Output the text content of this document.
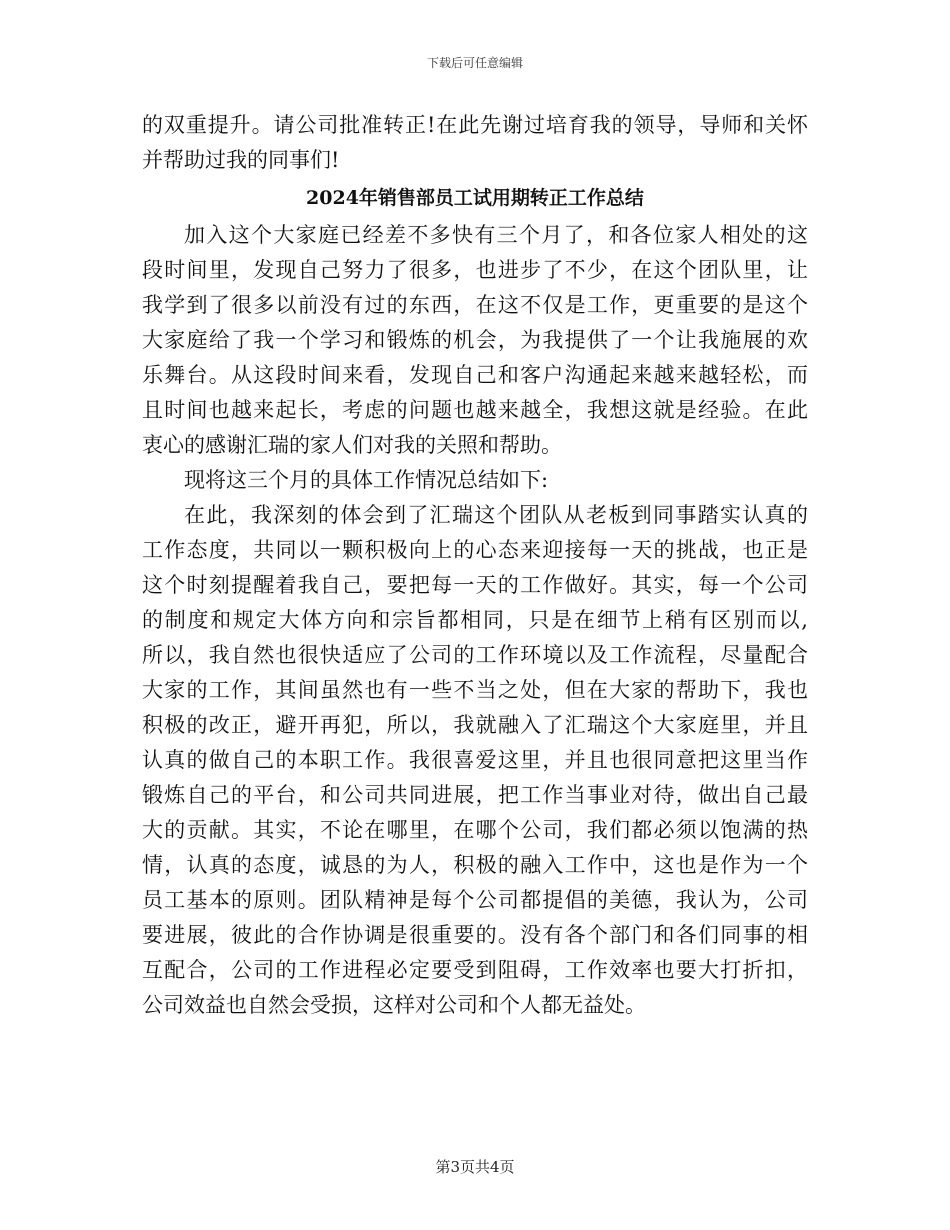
下载后可任意编辑
的双重提升。请公司批准转正!在此先谢过培育我的领导，导师和关怀
并帮助过我的同事们!
2024年销售部员工试用期转正工作总结
加入这个大家庭已经差不多快有三个月了，和各位家人相处的这
段时间里，发现自己努力了很多，也进步了不少，在这个团队里，让
我学到了很多以前没有过的东西，在这不仅是工作，更重要的是这个
大家庭给了我一个学习和锻炼的机会，为我提供了一个让我施展的欢
乐舞台。从这段时间来看，发现自己和客户沟通起来越来越轻松，而
且时间也越来起长，考虑的问题也越来越全，我想这就是经验。在此
衷心的感谢汇瑞的家人们对我的关照和帮助。
现将这三个月的具体工作情况总结如下:
在此，我深刻的体会到了汇瑞这个团队从老板到同事踏实认真的
工作态度，共同以一颗积极向上的心态来迎接每一天的挑战，也正是
这个时刻提醒着我自己，要把每一天的工作做好。其实，每一个公司
的制度和规定大体方向和宗旨都相同，只是在细节上稍有区别而以,
所以，我自然也很快适应了公司的工作环境以及工作流程，尽量配合
大家的工作，其间虽然也有一些不当之处，但在大家的帮助下，我也
积极的改正，避开再犯，所以，我就融入了汇瑞这个大家庭里，并且
认真的做自己的本职工作。我很喜爱这里，并且也很同意把这里当作
锻炼自己的平台，和公司共同进展，把工作当事业对待，做出自己最
大的贡献。其实，不论在哪里，在哪个公司，我们都必须以饱满的热
情，认真的态度，诚恳的为人，积极的融入工作中，这也是作为一个
员工基本的原则。团队精神是每个公司都提倡的美德，我认为，公司
要进展，彼此的合作协调是很重要的。没有各个部门和各们同事的相
互配合，公司的工作进程必定要受到阻碍，工作效率也要大打折扣，
公司效益也自然会受损，这样对公司和个人都无益处。
第3页共4页
